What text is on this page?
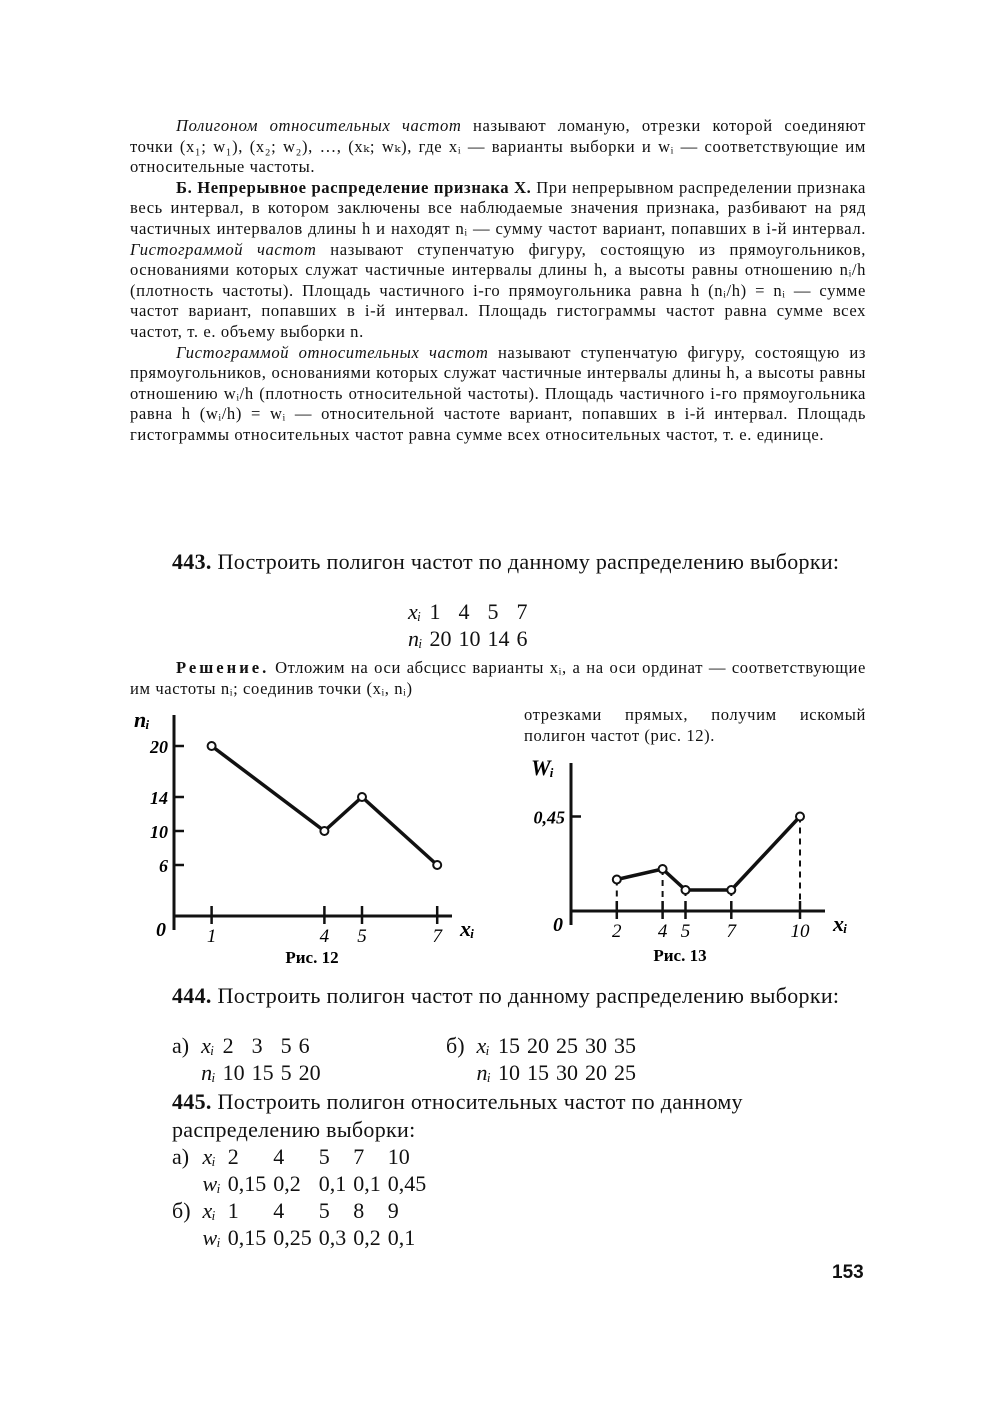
Полигоном относительных частот называют ломаную, отрезки которой соединяют точки (x₁; w₁), (x₂; w₂), …, (xₖ; wₖ), где xᵢ — варианты выборки и wᵢ — соответствующие им относительные частоты.

Б. Непрерывное распределение признака X. При непрерывном распределении признака весь интервал, в котором заключены все наблюдаемые значения признака, разбивают на ряд частичных интервалов длины h и находят nᵢ — сумму частот вариант, попавших в i-й интервал. Гистограммой частот называют ступенчатую фигуру, состоящую из прямоугольников, основаниями которых служат частичные интервалы длины h, а высоты равны отношению nᵢ/h (плотность частоты). Площадь частичного i-го прямоугольника равна h (nᵢ/h) = nᵢ — сумме частот вариант, попавших в i-й интервал. Площадь гистограммы частот равна сумме всех частот, т. е. объему выборки n.

Гистограммой относительных частот называют ступенчатую фигуру, состоящую из прямоугольников, основаниями которых служат частичные интервалы длины h, а высоты равны отношению wᵢ/h (плотность относительной частоты). Площадь частичного i-го прямоугольника равна h (wᵢ/h) = wᵢ — относительной частоте вариант, попавших в i-й интервал. Площадь гистограммы относительных частот равна сумме всех относительных частот, т. е. единице.

443. Построить полигон частот по данному распределению выборки:
xᵢ	1	4	5	7
nᵢ	20	10	14	6

Решение. Отложим на оси абсцисс варианты xᵢ, а на оси ординат — соответствующие им частоты nᵢ; соединив точки (xᵢ, nᵢ)

отрезками прямых, получим искомый полигон частот (рис. 12).

0	xᵢ
nᵢ
20
14
10
6
1	4 5	7
Рис. 12
0	xᵢ
Wᵢ
0,45
2 4 5 7	10
Рис. 13
444. Построить полигон частот по данному распределению выборки:
а)	xᵢ	2	3	5	6
	nᵢ	10	15	5	20
б)	xᵢ	15	20	25	30	35
	nᵢ	10	15	30	20	25
445. Построить полигон относительных частот по данному распределению выборки:
а)	xᵢ	2	4	5	7	10
	wᵢ	0,15	0,2	0,1	0,1	0,45
б)	xᵢ	1	4	5	8	9
	wᵢ	0,15	0,25	0,3	0,2	0,1
153
